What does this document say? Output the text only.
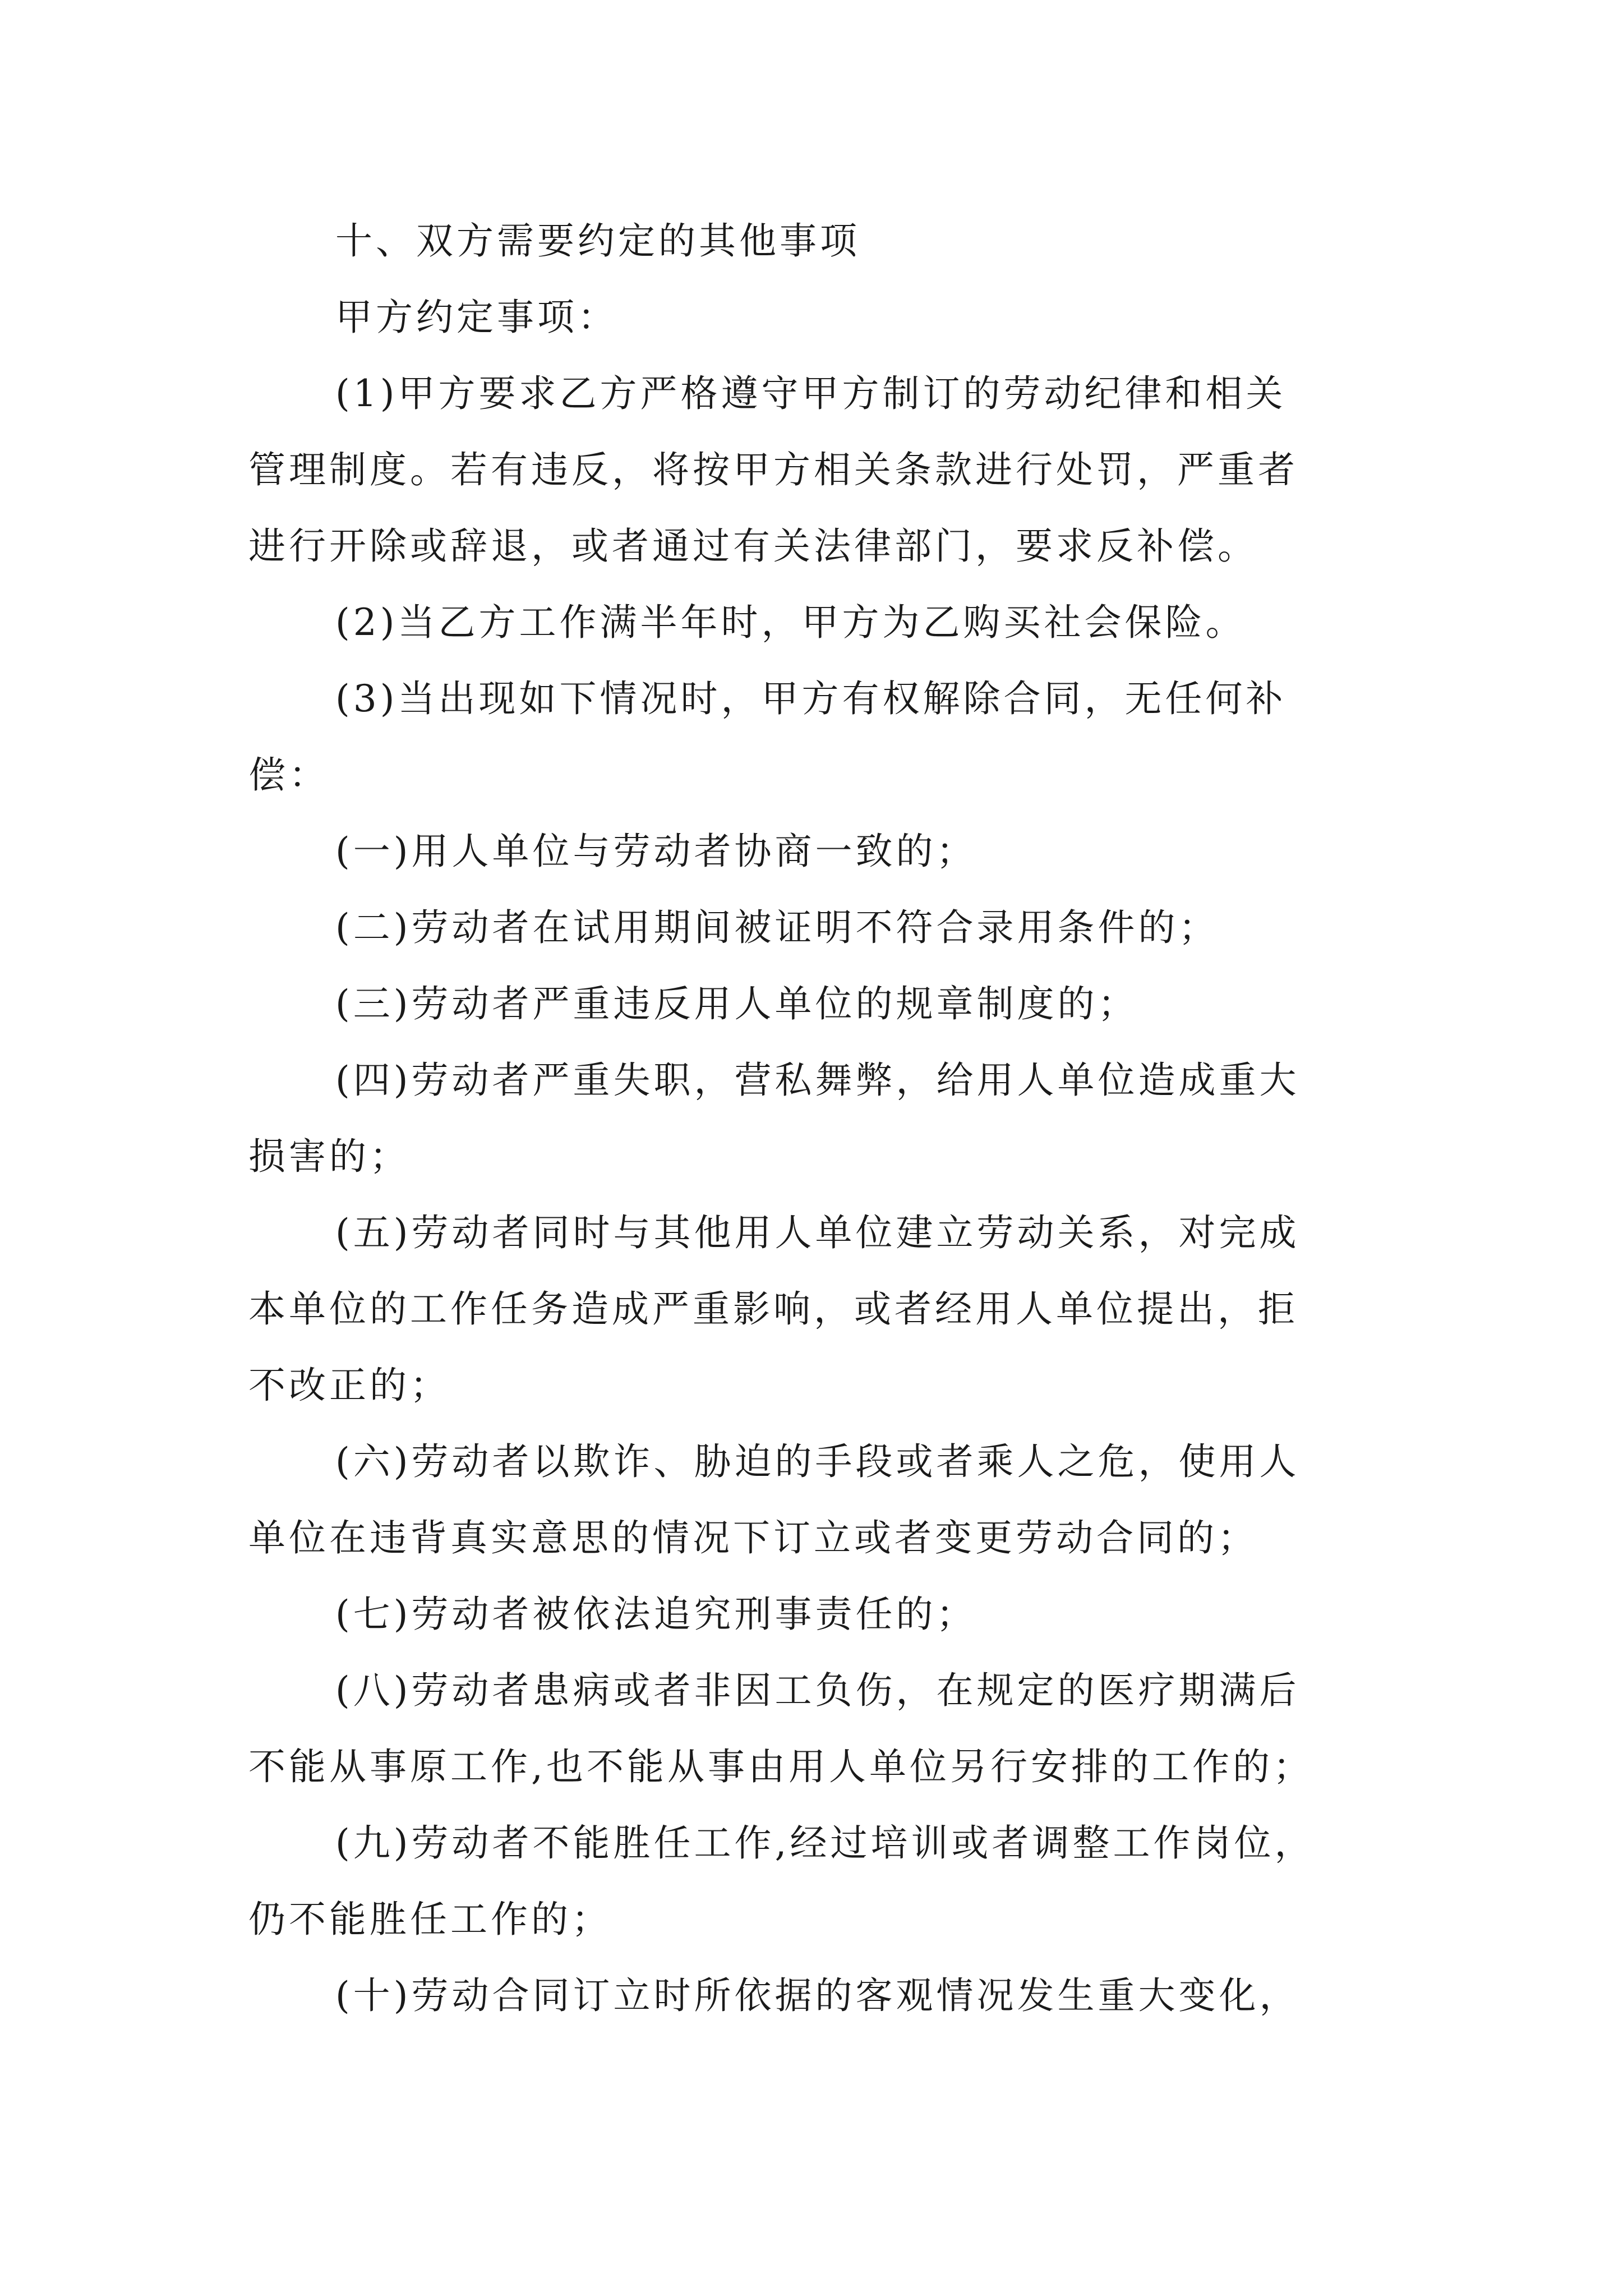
十、双方需要约定的其他事项

甲方约定事项：

(1)甲方要求乙方严格遵守甲方制订的劳动纪律和相关

管理制度。若有违反，将按甲方相关条款进行处罚，严重者

进行开除或辞退，或者通过有关法律部门，要求反补偿。

(2)当乙方工作满半年时，甲方为乙购买社会保险。

(3)当出现如下情况时，甲方有权解除合同，无任何补

偿：

(一)用人单位与劳动者协商一致的；

(二)劳动者在试用期间被证明不符合录用条件的；

(三)劳动者严重违反用人单位的规章制度的；

(四)劳动者严重失职，营私舞弊，给用人单位造成重大

损害的；

(五)劳动者同时与其他用人单位建立劳动关系，对完成

本单位的工作任务造成严重影响，或者经用人单位提出，拒

不改正的；

(六)劳动者以欺诈、胁迫的手段或者乘人之危，使用人

单位在违背真实意思的情况下订立或者变更劳动合同的；

(七)劳动者被依法追究刑事责任的；

(八)劳动者患病或者非因工负伤，在规定的医疗期满后

不能从事原工作,也不能从事由用人单位另行安排的工作的；

(九)劳动者不能胜任工作,经过培训或者调整工作岗位，

仍不能胜任工作的；

(十)劳动合同订立时所依据的客观情况发生重大变化，
